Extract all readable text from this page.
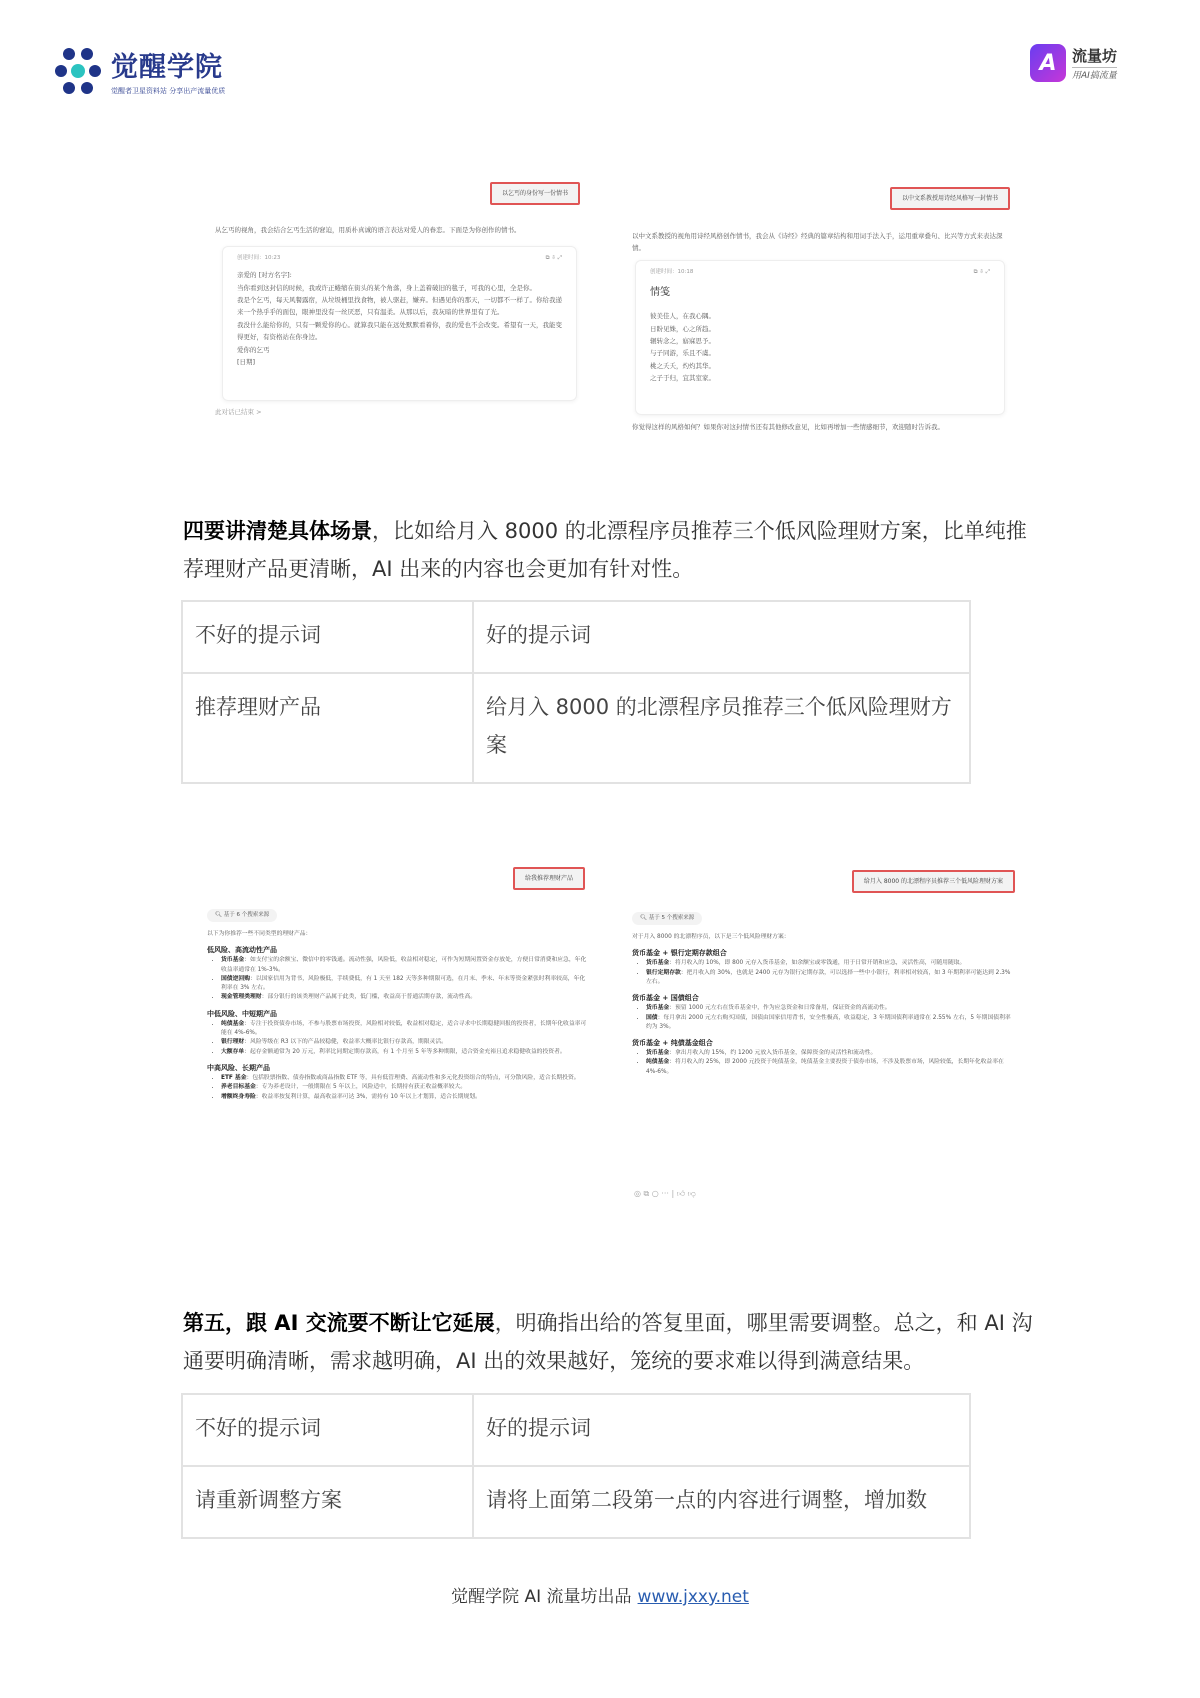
觉醒学院
觉醒者卫星资料站 分享出产流量优质
A	流量坊
用AI搞流量
以乞丐的身份写一份情书
从乞丐的视角，我会结合乞丐生活的窘迫，用质朴真诚的语言表达对爱人的眷恋。下面是为你创作的情书。
创建时间：10:23	⧉ ⇩ ⤢
亲爱的 [对方名字]:
当你看到这封信的时候，我或许正蜷缩在街头的某个角落，身上盖着破旧的毯子，可我的心里，全是你。
我是个乞丐，每天风餐露宿，从垃圾桶里找食物，被人驱赶，嫌弃。但遇见你的那天，一切都不一样了。你给我递来一个热乎乎的面包，眼神里没有一丝厌恶，只有温柔。从那以后，我灰暗的世界里有了光。
我没什么能给你的，只有一颗爱你的心。就算我只能在远处默默看着你，我的爱也不会改变。希望有一天，我能变得更好，有资格站在你身边。
爱你的乞丐
[日期]
此对话已结束 >
以中文系教授用诗经风格写一封情书
以中文系教授的视角用诗经风格创作情书，我会从《诗经》经典的篇章结构和用词手法入手，运用重章叠句、比兴等方式来表达深情。
创建时间：10:18	⧉ ⇩ ⤢
情笺
彼美佳人，在我心隅。
日盼见姝，心之所趋。
辗转念之，寤寐思予。
与子同游，乐且不虞。
桃之夭夭，灼灼其华。
之子于归，宜其室家。
你觉得这样的风格如何？如果你对这封情书还有其他修改意见，比如再增加一些情感细节，欢迎随时告诉我。

四要讲清楚具体场景，比如给月入 8000 的北漂程序员推荐三个低风险理财方案，比单纯推荐理财产品更清晰，AI 出来的内容也会更加有针对性。

不好的提示词	好的提示词
推荐理财产品	给月入 8000 的北漂程序员推荐三个低风险理财方案
给我推荐理财产品
🔍︎ 基于 6 个搜索来源
以下为你推荐一些不同类型的理财产品：
低风险、高流动性产品
• 货币基金：如支付宝的余额宝、微信中的零钱通。流动性强，风险低，收益相对稳定，可作为短期闲置资金存放处，方便日常消费和应急，年化收益率通常在 1%-3%。
• 国债逆回购：以国家信用为背书，风险极低，手续费低，有 1 天至 182 天等多种期限可选，在月末、季末、年末等资金紧张时利率较高，年化利率在 3% 左右。
• 现金管理类理财：部分银行的该类理财产品属于此类，低门槛，收益高于普通活期存款，流动性高。
中低风险、中短期产品
• 纯债基金：专注于投资债券市场，不参与股票市场投资，风险相对较低，收益相对稳定，适合寻求中长期稳健回报的投资者，长期年化收益率可能在 4%-6%。
• 银行理财：风险等级在 R3 以下的产品较稳健，收益率大概率比银行存款高，期限灵活。
• 大额存单：起存金额通常为 20 万元，利率比同期定期存款高，有 1 个月至 5 年等多种期限，适合资金充裕且追求稳健收益的投资者。
中高风险、长期产品
• ETF 基金：包括股票指数、债券指数或商品指数 ETF 等，具有低管理费、高流动性和多元化投资组合的特点，可分散风险，适合长期投资。
• 养老目标基金：专为养老设计，一般期限在 5 年以上，风险适中，长期持有获正收益概率较大。
• 增额终身寿险：收益率按复利计算，最高收益率可达 3%，需持有 10 年以上才划算，适合长期规划。
给月入 8000 的北漂程序员推荐三个低风险理财方案
🔍︎ 基于 5 个搜索来源
对于月入 8000 的北漂程序员，以下是三个低风险理财方案：
货币基金 + 银行定期存款组合
• 货币基金：将月收入的 10%，即 800 元存入货币基金，如余额宝或零钱通，用于日常开销和应急，灵活性高，可随用随取。
• 银行定期存款：把月收入的 30%，也就是 2400 元存为银行定期存款，可以选择一些中小银行，利率相对较高，如 3 年期利率可能达到 2.3% 左右。
货币基金 + 国债组合
• 货币基金：预留 1000 元左右在货币基金中，作为应急资金和日常备用，保证资金的高流动性。
• 国债：每月拿出 2000 元左右购买国债，国债由国家信用背书，安全性极高，收益稳定，3 年期国债利率通常在 2.55% 左右，5 年期国债利率约为 3%。
货币基金 + 纯债基金组合
• 货币基金：拿出月收入的 15%，约 1200 元放入货币基金，保障资金的灵活性和流动性。
• 纯债基金：将月收入的 25%，即 2000 元投资于纯债基金，纯债基金主要投资于债券市场，不涉及股票市场，风险较低，长期年化收益率在 4%-6%。
◎ ⧉ ○ ··· | 👍︎ 👎︎

第五，跟 AI 交流要不断让它延展，明确指出给的答复里面，哪里需要调整。总之，和 AI 沟通要明确清晰，需求越明确，AI 出的效果越好，笼统的要求难以得到满意结果。

不好的提示词	好的提示词
请重新调整方案	请将上面第二段第一点的内容进行调整，增加数
觉醒学院 AI 流量坊出品 www.jxxy.net
